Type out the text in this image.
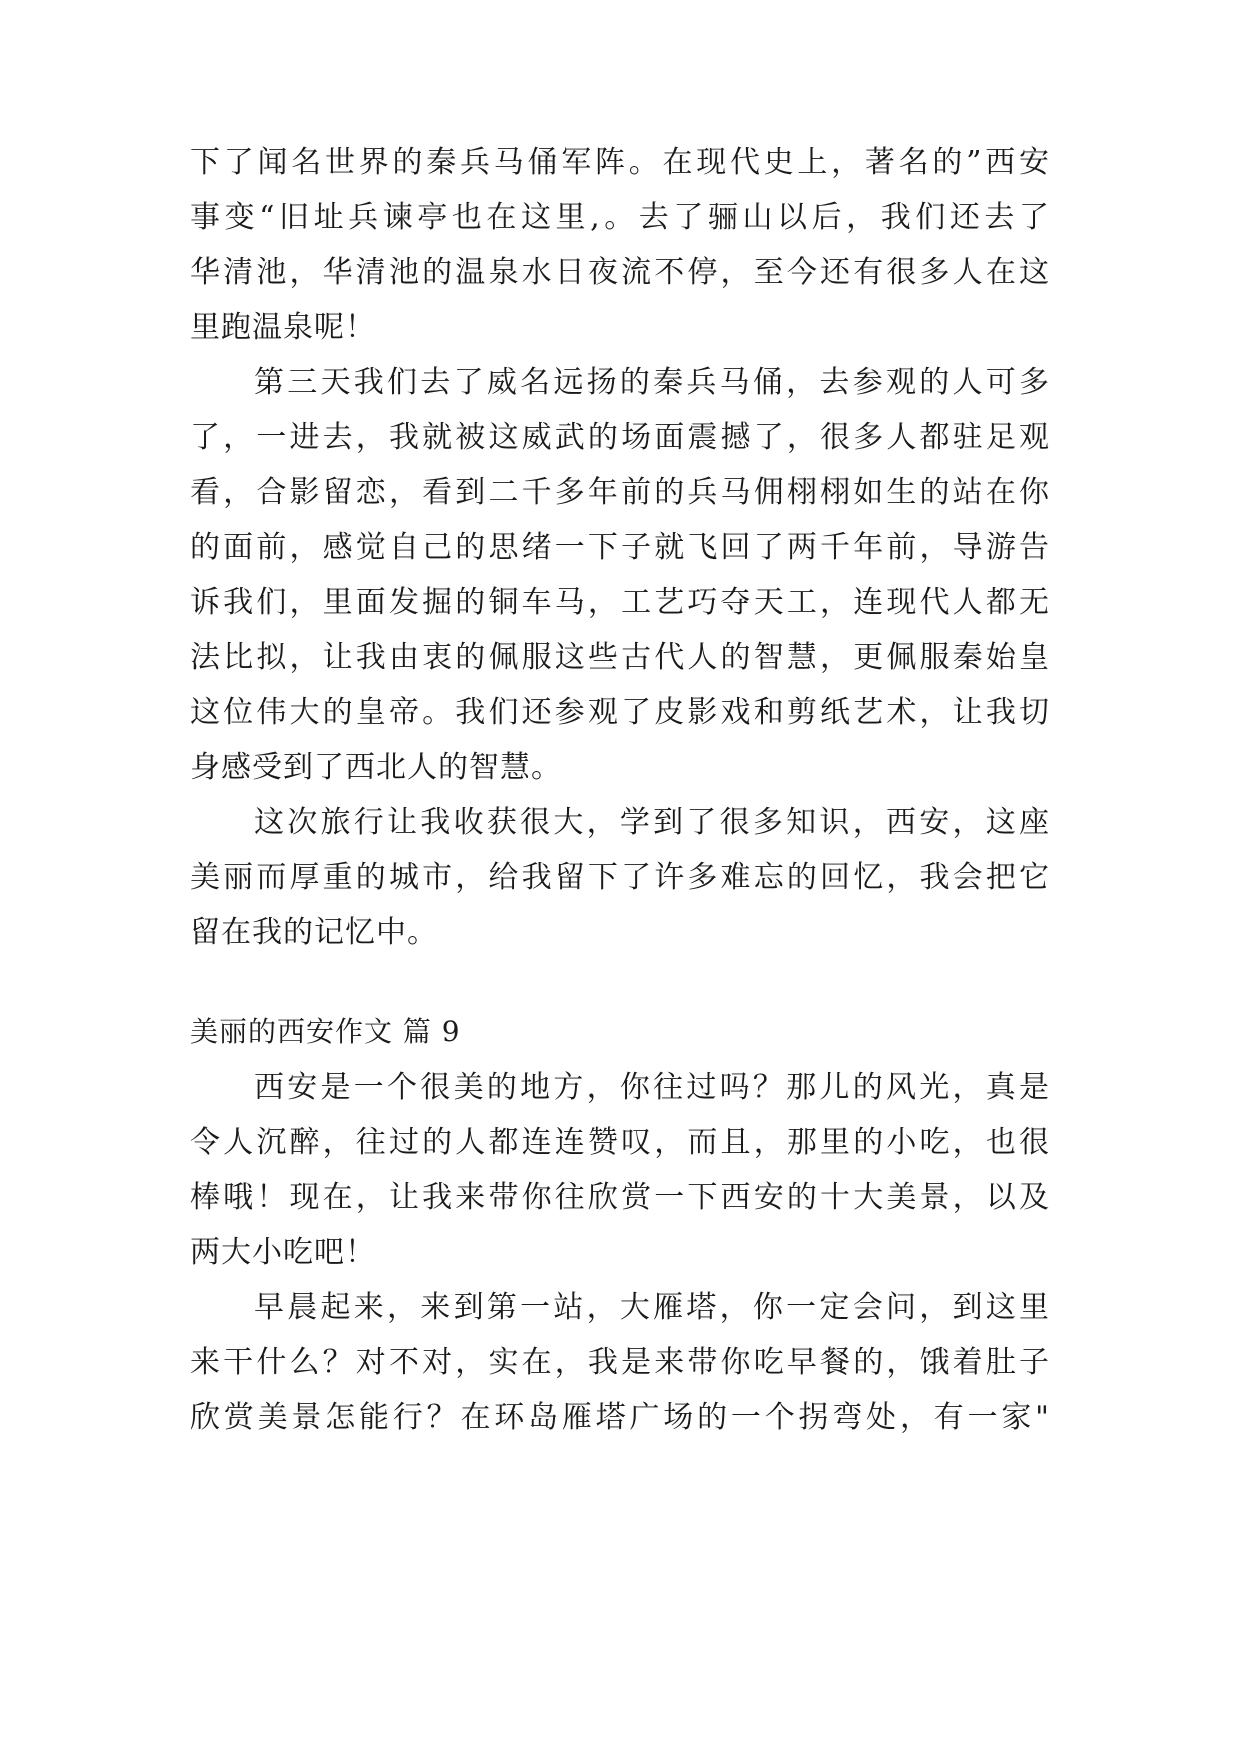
下了闻名世界的秦兵马俑军阵。在现代史上，著名的”西安
事变“旧址兵谏亭也在这里,。去了骊山以后，我们还去了
华清池，华清池的温泉水日夜流不停，至今还有很多人在这
里跑温泉呢！
第三天我们去了威名远扬的秦兵马俑，去参观的人可多
了，一进去，我就被这威武的场面震撼了，很多人都驻足观
看，合影留恋，看到二千多年前的兵马佣栩栩如生的站在你
的面前，感觉自己的思绪一下子就飞回了两千年前，导游告
诉我们，里面发掘的铜车马，工艺巧夺天工，连现代人都无
法比拟，让我由衷的佩服这些古代人的智慧，更佩服秦始皇
这位伟大的皇帝。我们还参观了皮影戏和剪纸艺术，让我切
身感受到了西北人的智慧。
这次旅行让我收获很大，学到了很多知识，西安，这座
美丽而厚重的城市，给我留下了许多难忘的回忆，我会把它
留在我的记忆中。
美丽的西安作文 篇 9
西安是一个很美的地方，你往过吗？那儿的风光，真是
令人沉醉，往过的人都连连赞叹，而且，那里的小吃，也很
棒哦！现在，让我来带你往欣赏一下西安的十大美景，以及
两大小吃吧！
早晨起来，来到第一站，大雁塔，你一定会问，到这里
来干什么？对不对，实在，我是来带你吃早餐的，饿着肚子
欣赏美景怎能行？在环岛雁塔广场的一个拐弯处，有一家"
